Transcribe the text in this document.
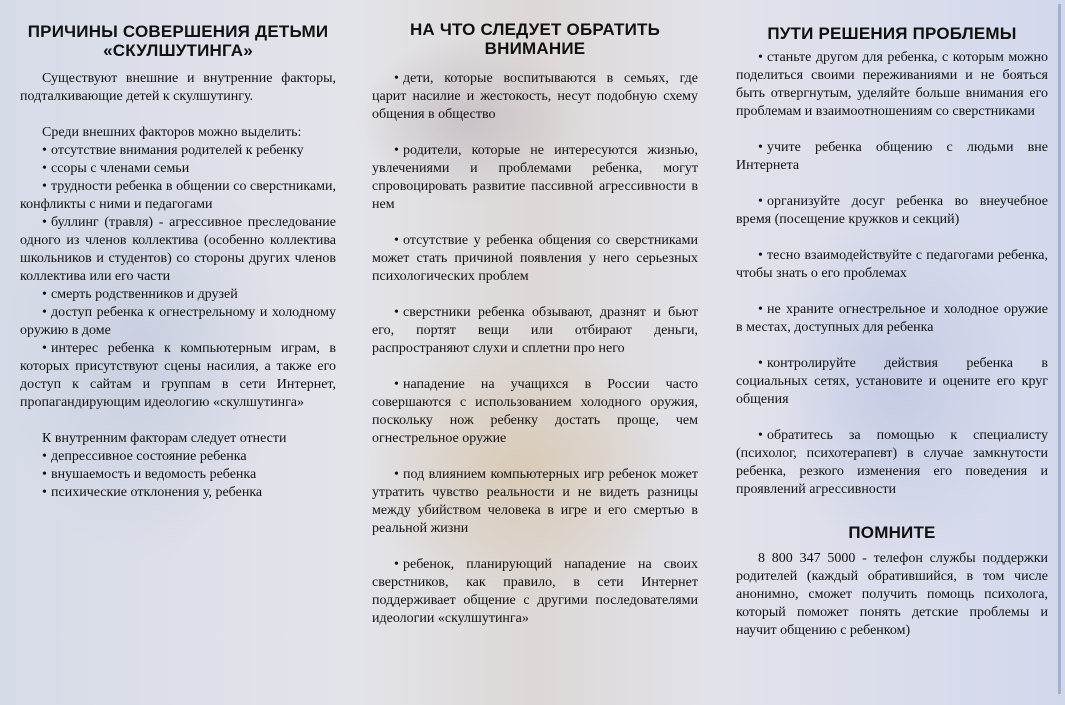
ПРИЧИНЫ СОВЕРШЕНИЯ ДЕТЬМИ «СКУЛШУТИНГА»

Существуют внешние и внутренние факторы, подталкивающие детей к скулшутингу.

Среди внешних факторов можно выделить:

• отсутствие внимания родителей к ребенку

• ссоры с членами семьи

• трудности ребенка в общении со сверстниками, конфликты с ними и педагогами

• буллинг (травля) - агрессивное преследование одного из членов коллектива (особенно коллектива школьников и студентов) со стороны других членов коллектива или его части

• смерть родственников и друзей

• доступ ребенка к огнестрельному и холодному оружию в доме

• интерес ребенка к компьютерным играм, в которых присутствуют сцены насилия, а также его доступ к сайтам и группам в сети Интернет, пропагандирующим идеологию «скулшутинга»

К внутренним факторам следует отнести

• депрессивное состояние ребенка

• внушаемость и ведомость ребенка

• психические отклонения у, ребенка

НА ЧТО СЛЕДУЕТ ОБРАТИТЬ ВНИМАНИЕ

• дети, которые воспитываются в семьях, где царит насилие и жестокость, несут подобную схему общения в общество

• родители, которые не интересуются жизнью, увлечениями и проблемами ребенка, могут спровоцировать развитие пассивной агрессивности в нем

• отсутствие у ребенка общения со сверстниками может стать причиной появления у него серьезных психологических проблем

• сверстники ребенка обзывают, дразнят и бьют его, портят вещи или отбирают деньги, распространяют слухи и сплетни про него

• нападение на учащихся в России часто совершаются с использованием холодного оружия, поскольку нож ребенку достать проще, чем огнестрельное оружие

• под влиянием компьютерных игр ребенок может утратить чувство реальности и не видеть разницы между убийством человека в игре и его смертью в реальной жизни

• ребенок, планирующий нападение на своих сверстников, как правило, в сети Интернет поддерживает общение с другими последователями идеологии «скулшутинга»

ПУТИ РЕШЕНИЯ ПРОБЛЕМЫ

• станьте другом для ребенка, с которым можно поделиться своими переживаниями и не бояться быть отвергнутым, уделяйте больше внимания его проблемам и взаимоотношениям со сверстниками

• учите ребенка общению с людьми вне Интернета

• организуйте досуг ребенка во внеучебное время (посещение кружков и секций)

• тесно взаимодействуйте с педагогами ребенка, чтобы знать о его проблемах

• не храните огнестрельное и холодное оружие в местах, доступных для ребенка

• контролируйте действия ребенка в социальных сетях, установите и оцените его круг общения

• обратитесь за помощью к специалисту (психолог, психотерапевт) в случае замкнутости ребенка, резкого изменения его поведения и проявлений агрессивности

ПОМНИТЕ

8 800 347 5000 - телефон службы поддержки родителей (каждый обратившийся, в том числе анонимно, сможет получить помощь психолога, который поможет понять детские проблемы и научит общению с ребенком)
